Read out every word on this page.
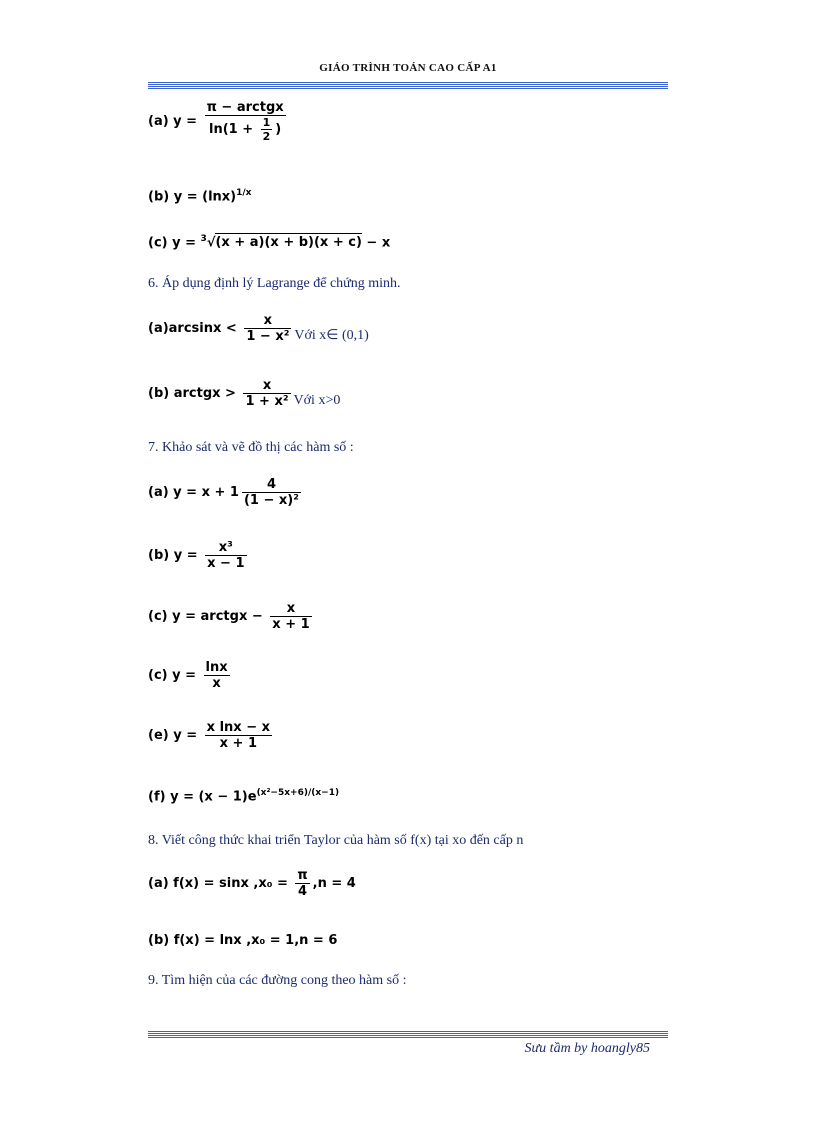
GIÁO TRÌNH TOÁN CAO CẤP A1
(a) $y = \frac{\text{π − arctgx}}{\ln(1 + \frac{1}{2} )}$
(b) $y = (\ln x)^{1/x}$
(c) y = $^3$√(x + a)(x + b)(x + c) − x
6. Áp dụng định lý Lagrange để chứng minh.
$(a)\arcsin x < \frac{x}{\text{1 − x²}}$ Với x∈ (0,1)
(b) arctgx > $\frac{x}{\text{1 + x²}}$ Với x>0
7. Khảo sát và vẽ đồ thị các hàm số :
(a) $y = x + 1 \frac{4}{\text{(1 − x)²}}$
(b) $y = \frac{\text{x³}}{x - 1}$
(c) y = arctgx − $\frac{x}{x + 1}$
(c) $y = \frac{\ln x}{x}$
(e) $y = \frac{\text{x lnx − x}}{x + 1}$
(f) $y = (x - 1)e^{(x^2-5x+6)/(x-1)}$
8. Viết công thức khai triển Taylor của hàm số f(x) tại xo đến cấp n
(a) f(x) = sinx $,x_0 = \frac{\pi}{4} ,n = 4$
(b) f(x) = lnx ,x₀ = 1,n = 6
9. Tìm hiện của các đường cong theo hàm số :
Sưu tầm by hoangly85
